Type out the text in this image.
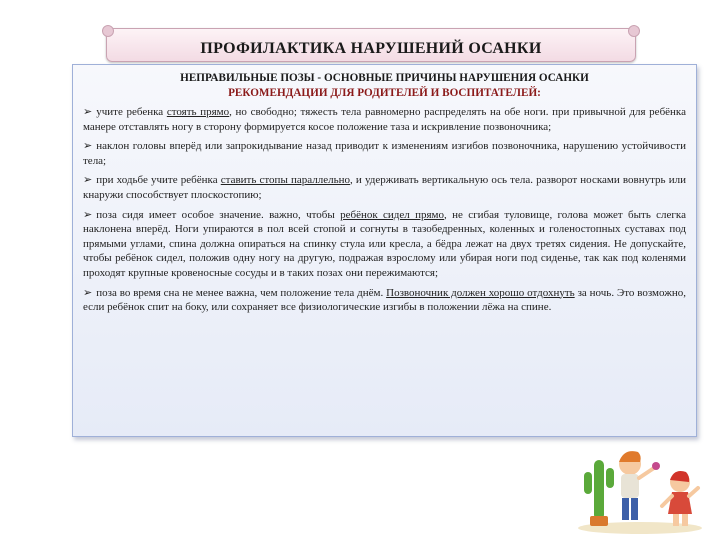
ПРОФИЛАКТИКА НАРУШЕНИЙ ОСАНКИ
НЕПРАВИЛЬНЫЕ ПОЗЫ - ОСНОВНЫЕ ПРИЧИНЫ НАРУШЕНИЯ ОСАНКИ
РЕКОМЕНДАЦИИ ДЛЯ РОДИТЕЛЕЙ И ВОСПИТАТЕЛЕЙ:

➢ учите ребенка стоять прямо, но свободно; тяжесть тела равномерно распределять на обе ноги. при привычной для ребёнка манере отставлять ногу в сторону формируется косое положение таза и искривление позвоночника;

➢ наклон головы вперёд или запрокидывание назад приводит к изменениям изгибов позвоночника, нарушению устойчивости тела;

➢ при ходьбе учите ребёнка ставить стопы параллельно, и удерживать вертикальную ось тела. разворот носками вовнутрь или кнаружи способствует плоскостопию;

➢ поза сидя имеет особое значение. важно, чтобы ребёнок сидел прямо, не сгибая туловище, голова может быть слегка наклонена вперёд. Ноги упираются в пол всей стопой и согнуты в тазобедренных, коленных и голеностопных суставах под прямыми углами, спина должна опираться на спинку стула или кресла, а бёдра лежат на двух третях сидения. Не допускайте, чтобы ребёнок сидел, положив одну ногу на другую, подражая взрослому или убирая ноги под сиденье, так как под коленями проходят крупные кровеносные сосуды и в таких позах они пережимаются;

➢ поза во время сна не менее важна, чем положение тела днём. Позвоночник должен хорошо отдохнуть за ночь. Это возможно, если ребёнок спит на боку, или сохраняет все физиологические изгибы в положении лёжа на спине.
